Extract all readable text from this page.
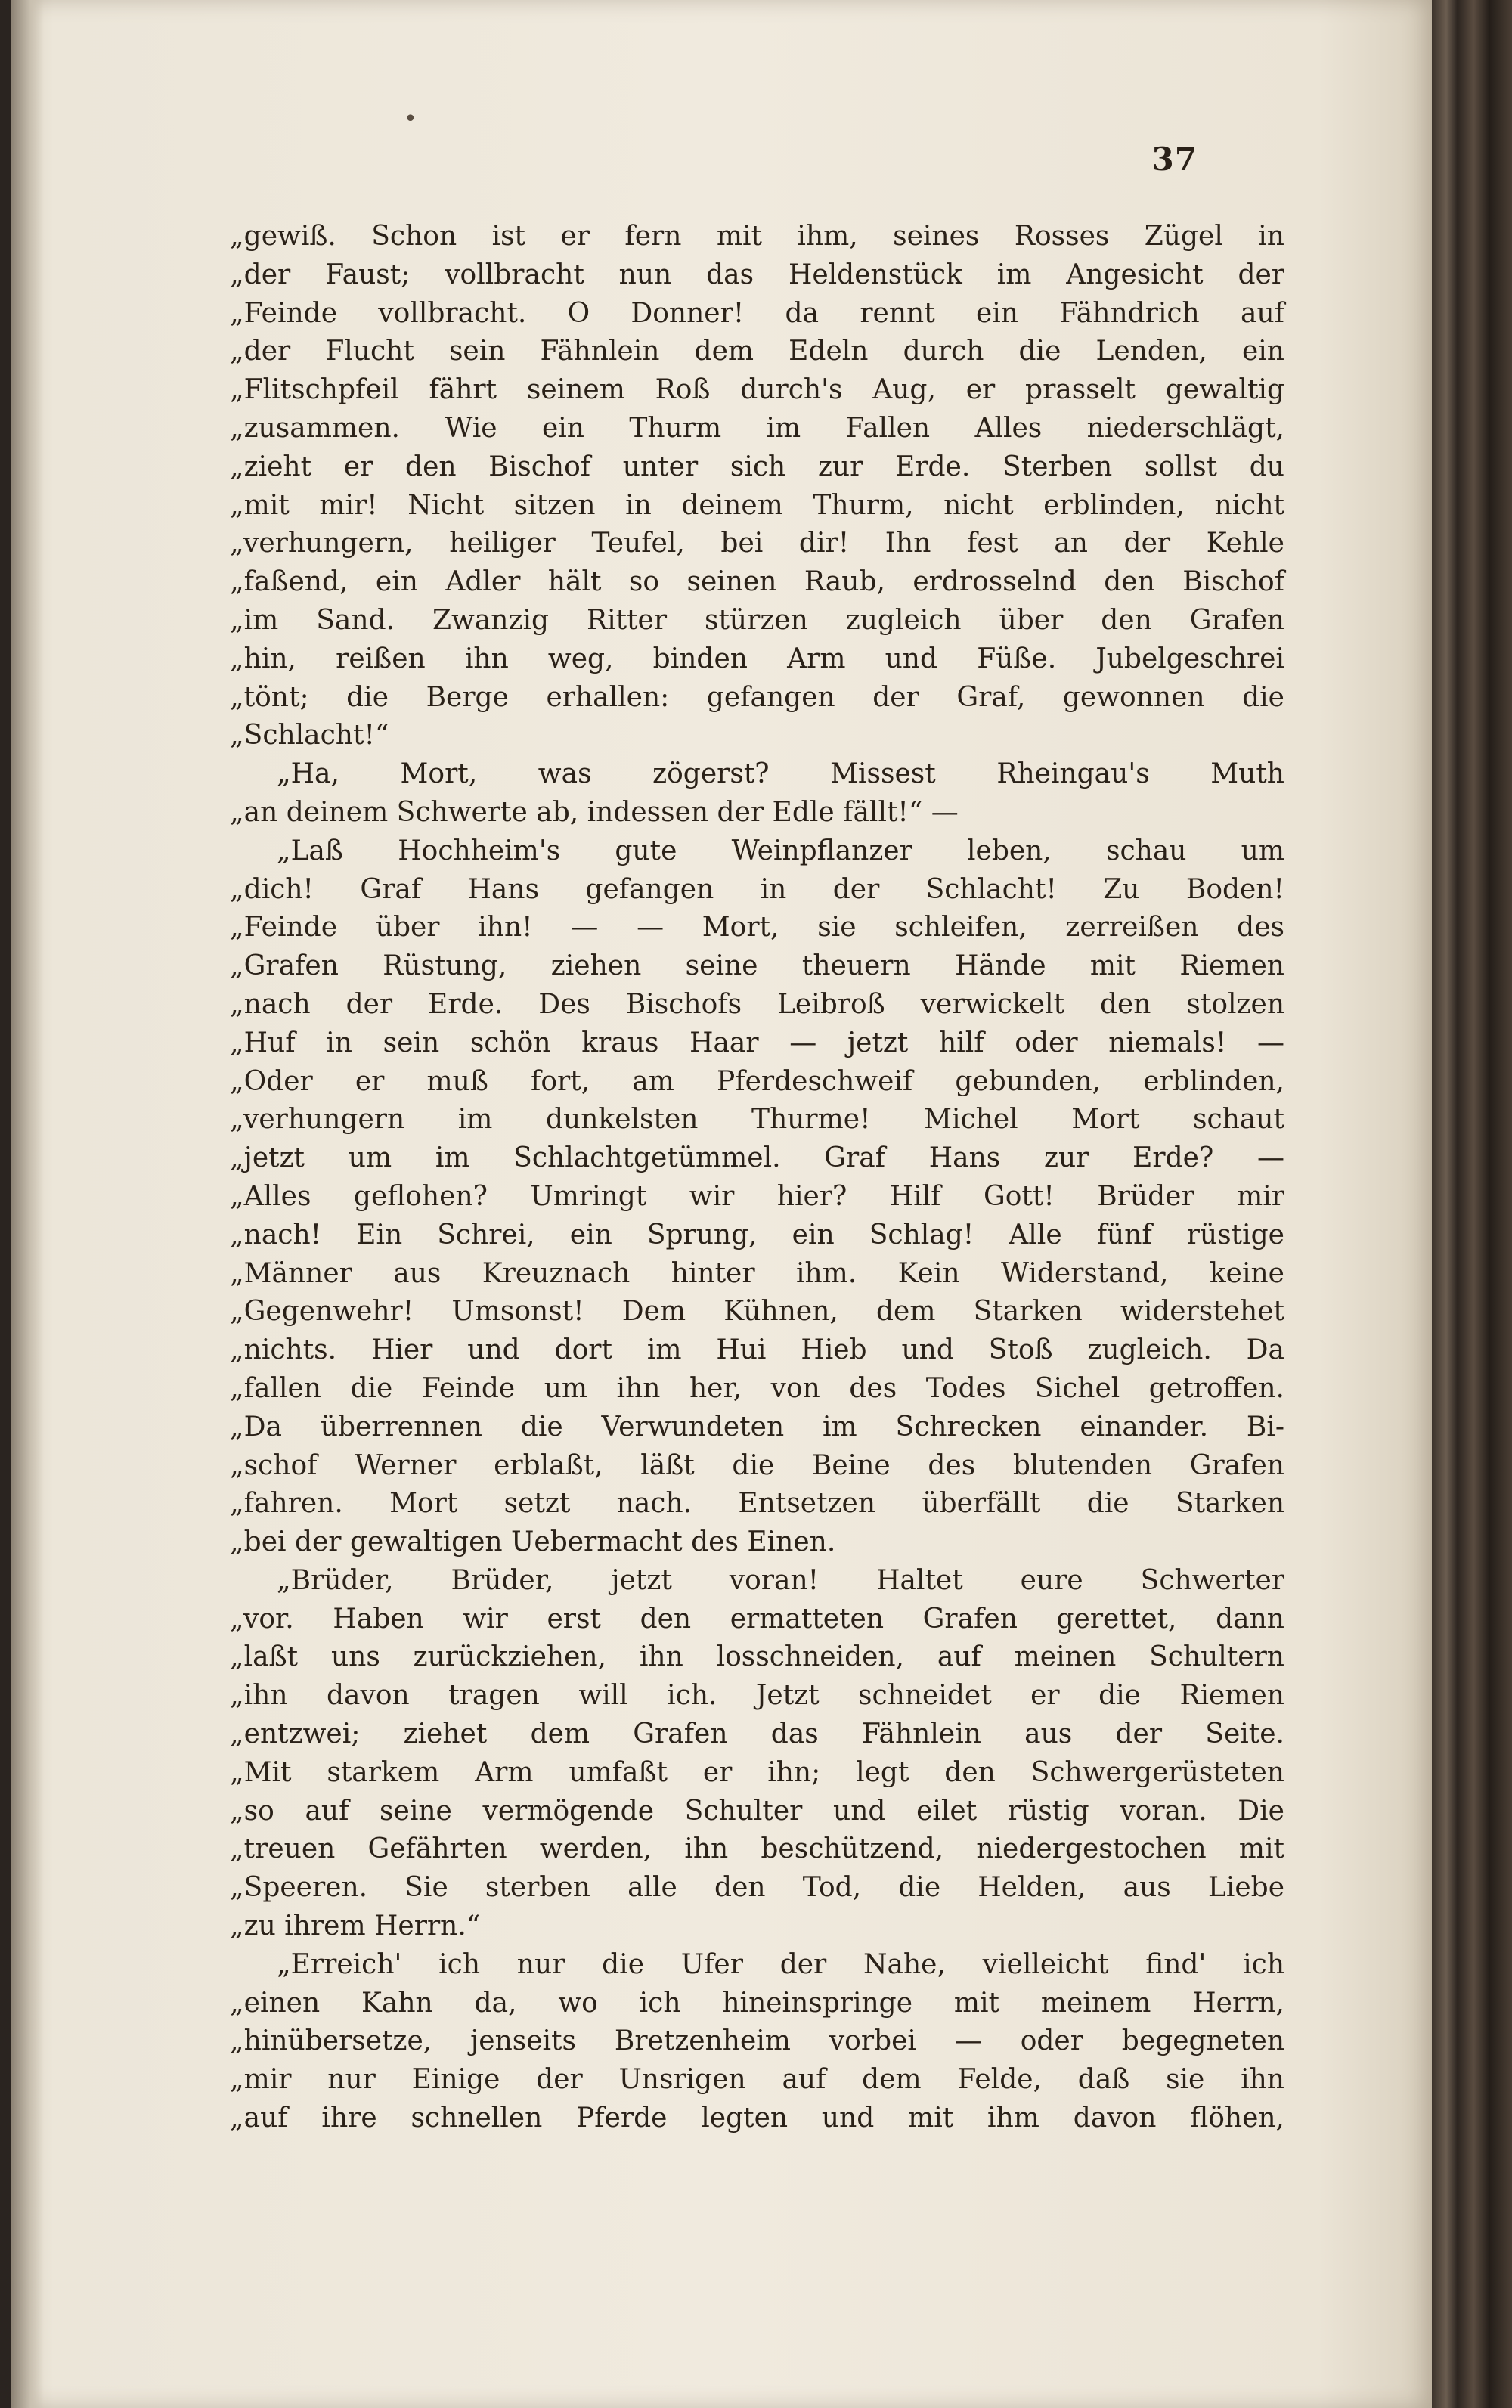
37
•
„gewiß. Schon ist er fern mit ihm, seines Rosses Zügel in
„der Faust; vollbracht nun das Heldenstück im Angesicht der
„Feinde vollbracht. O Donner! da rennt ein Fähndrich auf
„der Flucht sein Fähnlein dem Edeln durch die Lenden, ein
„Flitschpfeil fährt seinem Roß durch's Aug, er prasselt gewaltig
„zusammen. Wie ein Thurm im Fallen Alles niederschlägt,
„zieht er den Bischof unter sich zur Erde. Sterben sollst du
„mit mir! Nicht sitzen in deinem Thurm, nicht erblinden, nicht
„verhungern, heiliger Teufel, bei dir! Ihn fest an der Kehle
„faßend, ein Adler hält so seinen Raub, erdrosselnd den Bischof
„im Sand. Zwanzig Ritter stürzen zugleich über den Grafen
„hin, reißen ihn weg, binden Arm und Füße. Jubelgeschrei
„tönt; die Berge erhallen: gefangen der Graf, gewonnen die
„Schlacht!“
„Ha, Mort, was zögerst? Missest Rheingau's Muth
„an deinem Schwerte ab, indessen der Edle fällt!“ —
„Laß Hochheim's gute Weinpflanzer leben, schau um
„dich! Graf Hans gefangen in der Schlacht! Zu Boden!
„Feinde über ihn! — — Mort, sie schleifen, zerreißen des
„Grafen Rüstung, ziehen seine theuern Hände mit Riemen
„nach der Erde. Des Bischofs Leibroß verwickelt den stolzen
„Huf in sein schön kraus Haar — jetzt hilf oder niemals! —
„Oder er muß fort, am Pferdeschweif gebunden, erblinden,
„verhungern im dunkelsten Thurme! Michel Mort schaut
„jetzt um im Schlachtgetümmel. Graf Hans zur Erde? —
„Alles geflohen? Umringt wir hier? Hilf Gott! Brüder mir
„nach! Ein Schrei, ein Sprung, ein Schlag! Alle fünf rüstige
„Männer aus Kreuznach hinter ihm. Kein Widerstand, keine
„Gegenwehr! Umsonst! Dem Kühnen, dem Starken widerstehet
„nichts. Hier und dort im Hui Hieb und Stoß zugleich. Da
„fallen die Feinde um ihn her, von des Todes Sichel getroffen.
„Da überrennen die Verwundeten im Schrecken einander. Bi-
„schof Werner erblaßt, läßt die Beine des blutenden Grafen
„fahren. Mort setzt nach. Entsetzen überfällt die Starken
„bei der gewaltigen Uebermacht des Einen.
„Brüder, Brüder, jetzt voran! Haltet eure Schwerter
„vor. Haben wir erst den ermatteten Grafen gerettet, dann
„laßt uns zurückziehen, ihn losschneiden, auf meinen Schultern
„ihn davon tragen will ich. Jetzt schneidet er die Riemen
„entzwei; ziehet dem Grafen das Fähnlein aus der Seite.
„Mit starkem Arm umfaßt er ihn; legt den Schwergerüsteten
„so auf seine vermögende Schulter und eilet rüstig voran. Die
„treuen Gefährten werden, ihn beschützend, niedergestochen mit
„Speeren. Sie sterben alle den Tod, die Helden, aus Liebe
„zu ihrem Herrn.“
„Erreich' ich nur die Ufer der Nahe, vielleicht find' ich
„einen Kahn da, wo ich hineinspringe mit meinem Herrn,
„hinübersetze, jenseits Bretzenheim vorbei — oder begegneten
„mir nur Einige der Unsrigen auf dem Felde, daß sie ihn
„auf ihre schnellen Pferde legten und mit ihm davon flöhen,
